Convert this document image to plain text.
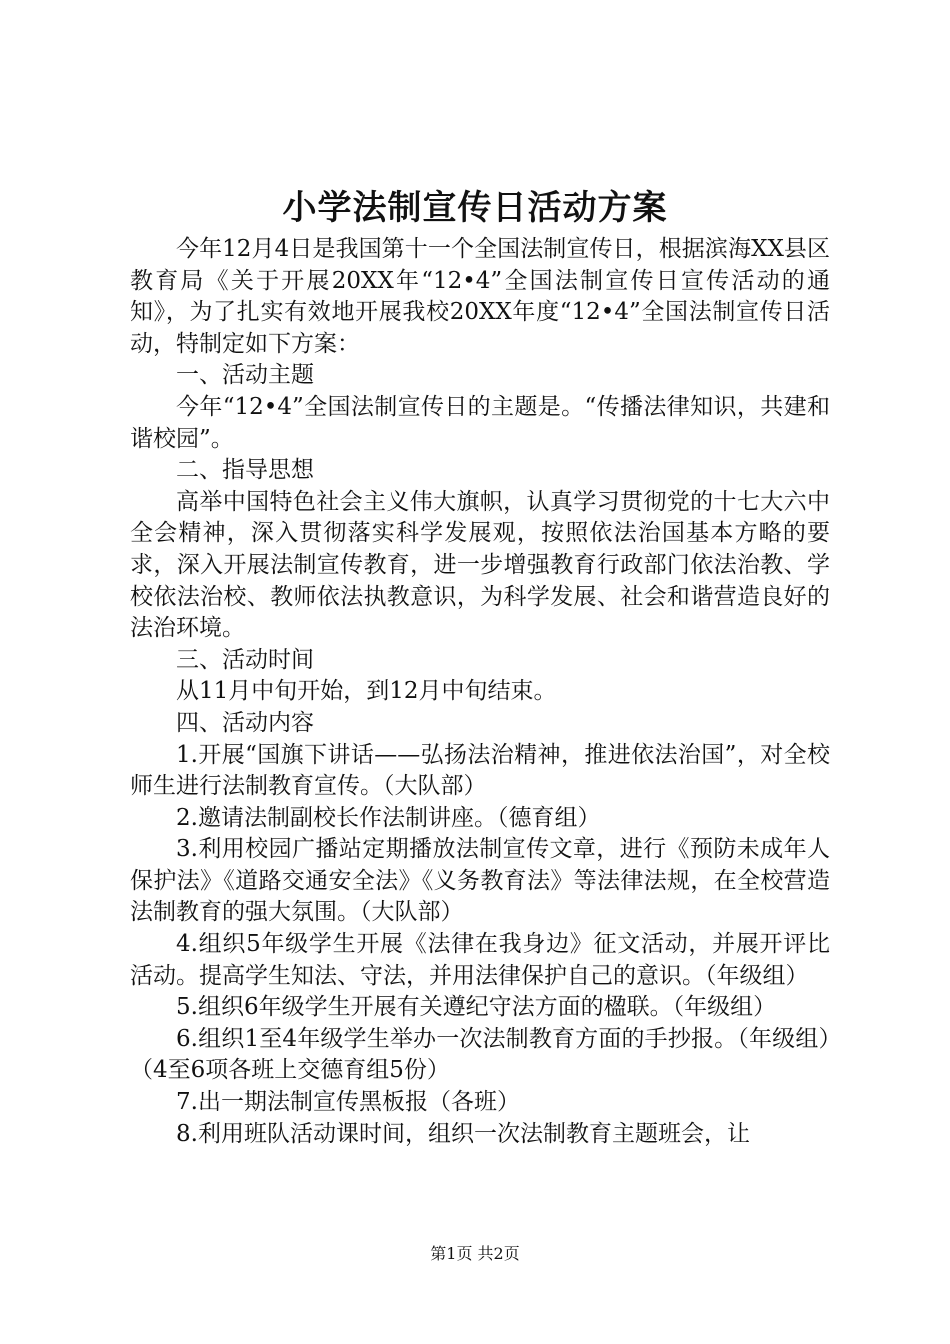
小学法制宣传日活动方案

今年12月4日是我国第十一个全国法制宣传日，根据滨海XX县区教育局《关于开展20XX年“12•4”全国法制宣传日宣传活动的通知》，为了扎实有效地开展我校20XX年度“12•4”全国法制宣传日活动，特制定如下方案：

一、活动主题

今年“12•4”全国法制宣传日的主题是。“传播法律知识，共建和谐校园”。

二、指导思想

高举中国特色社会主义伟大旗帜，认真学习贯彻党的十七大六中全会精神，深入贯彻落实科学发展观，按照依法治国基本方略的要求，深入开展法制宣传教育，进一步增强教育行政部门依法治教、学校依法治校、教师依法执教意识，为科学发展、社会和谐营造良好的法治环境。

三、活动时间

从11月中旬开始，到12月中旬结束。

四、活动内容

1.开展“国旗下讲话——弘扬法治精神，推进依法治国”，对全校师生进行法制教育宣传。（大队部）

2.邀请法制副校长作法制讲座。（德育组）

3.利用校园广播站定期播放法制宣传文章，进行《预防未成年人保护法》《道路交通安全法》《义务教育法》等法律法规，在全校营造法制教育的强大氛围。（大队部）

4.组织5年级学生开展《法律在我身边》征文活动，并展开评比活动。提高学生知法、守法，并用法律保护自己的意识。（年级组）

5.组织6年级学生开展有关遵纪守法方面的楹联。（年级组）

6.组织1至4年级学生举办一次法制教育方面的手抄报。（年级组）（4至6项各班上交德育组5份）

7.出一期法制宣传黑板报（各班）

8.利用班队活动课时间，组织一次法制教育主题班会，让

第1页 共2页
